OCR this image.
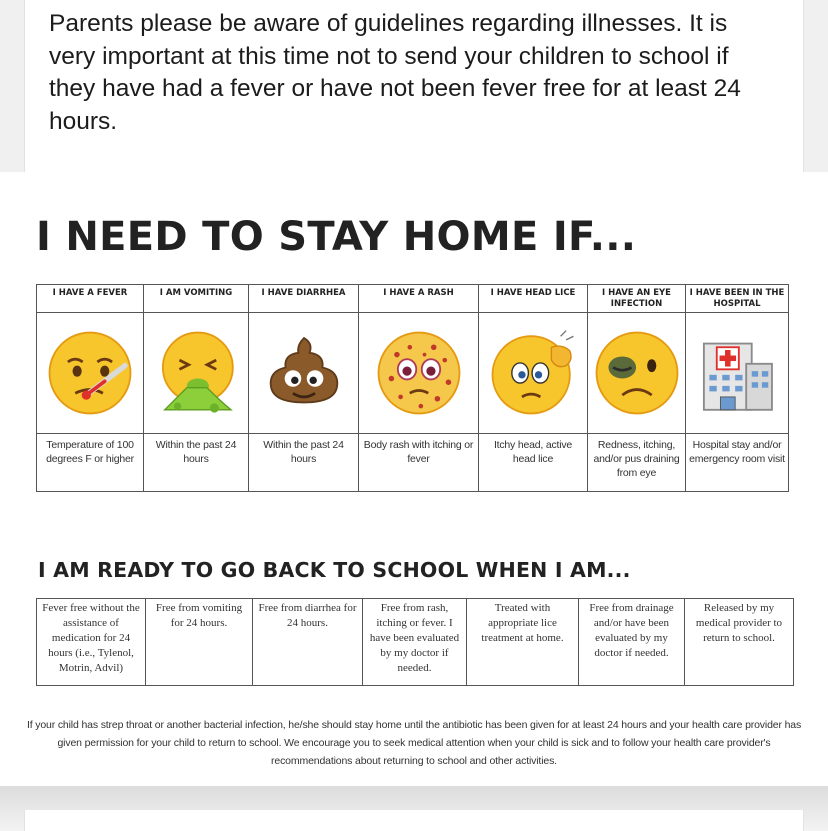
Parents please be aware of guidelines regarding illnesses. It is very important at this time not to send your children to school if they have had a fever or have not been fever free for at least 24 hours.

I NEED TO STAY HOME IF...
I HAVE A FEVER
Temperature of 100 degrees F or higher
I AM VOMITING
Within the past 24 hours
I HAVE DIARRHEA
Within the past 24 hours
I HAVE A RASH
Body rash with itching or fever
I HAVE HEAD LICE
Itchy head, active head lice
I HAVE AN EYE INFECTION
Redness, itching, and/or pus draining from eye
I HAVE BEEN IN THE HOSPITAL
Hospital stay and/or emergency room visit
I AM READY TO GO BACK TO SCHOOL WHEN I AM...
Fever free without the assistance of medication for 24 hours (i.e., Tylenol, Motrin, Advil)
Free from vomiting for 24 hours.
Free from diarrhea for 24 hours.
Free from rash, itching or fever. I have been evaluated by my doctor if needed.
Treated with appropriate lice treatment at home.
Free from drainage and/or have been evaluated by my doctor if needed.
Released by my medical provider to return to school.

If your child has strep throat or another bacterial infection, he/she should stay home until the antibiotic has been given for at least 24 hours and your health care provider has given permission for your child to return to school. We encourage you to seek medical attention when your child is sick and to follow your health care provider's recommendations about returning to school and other activities.
